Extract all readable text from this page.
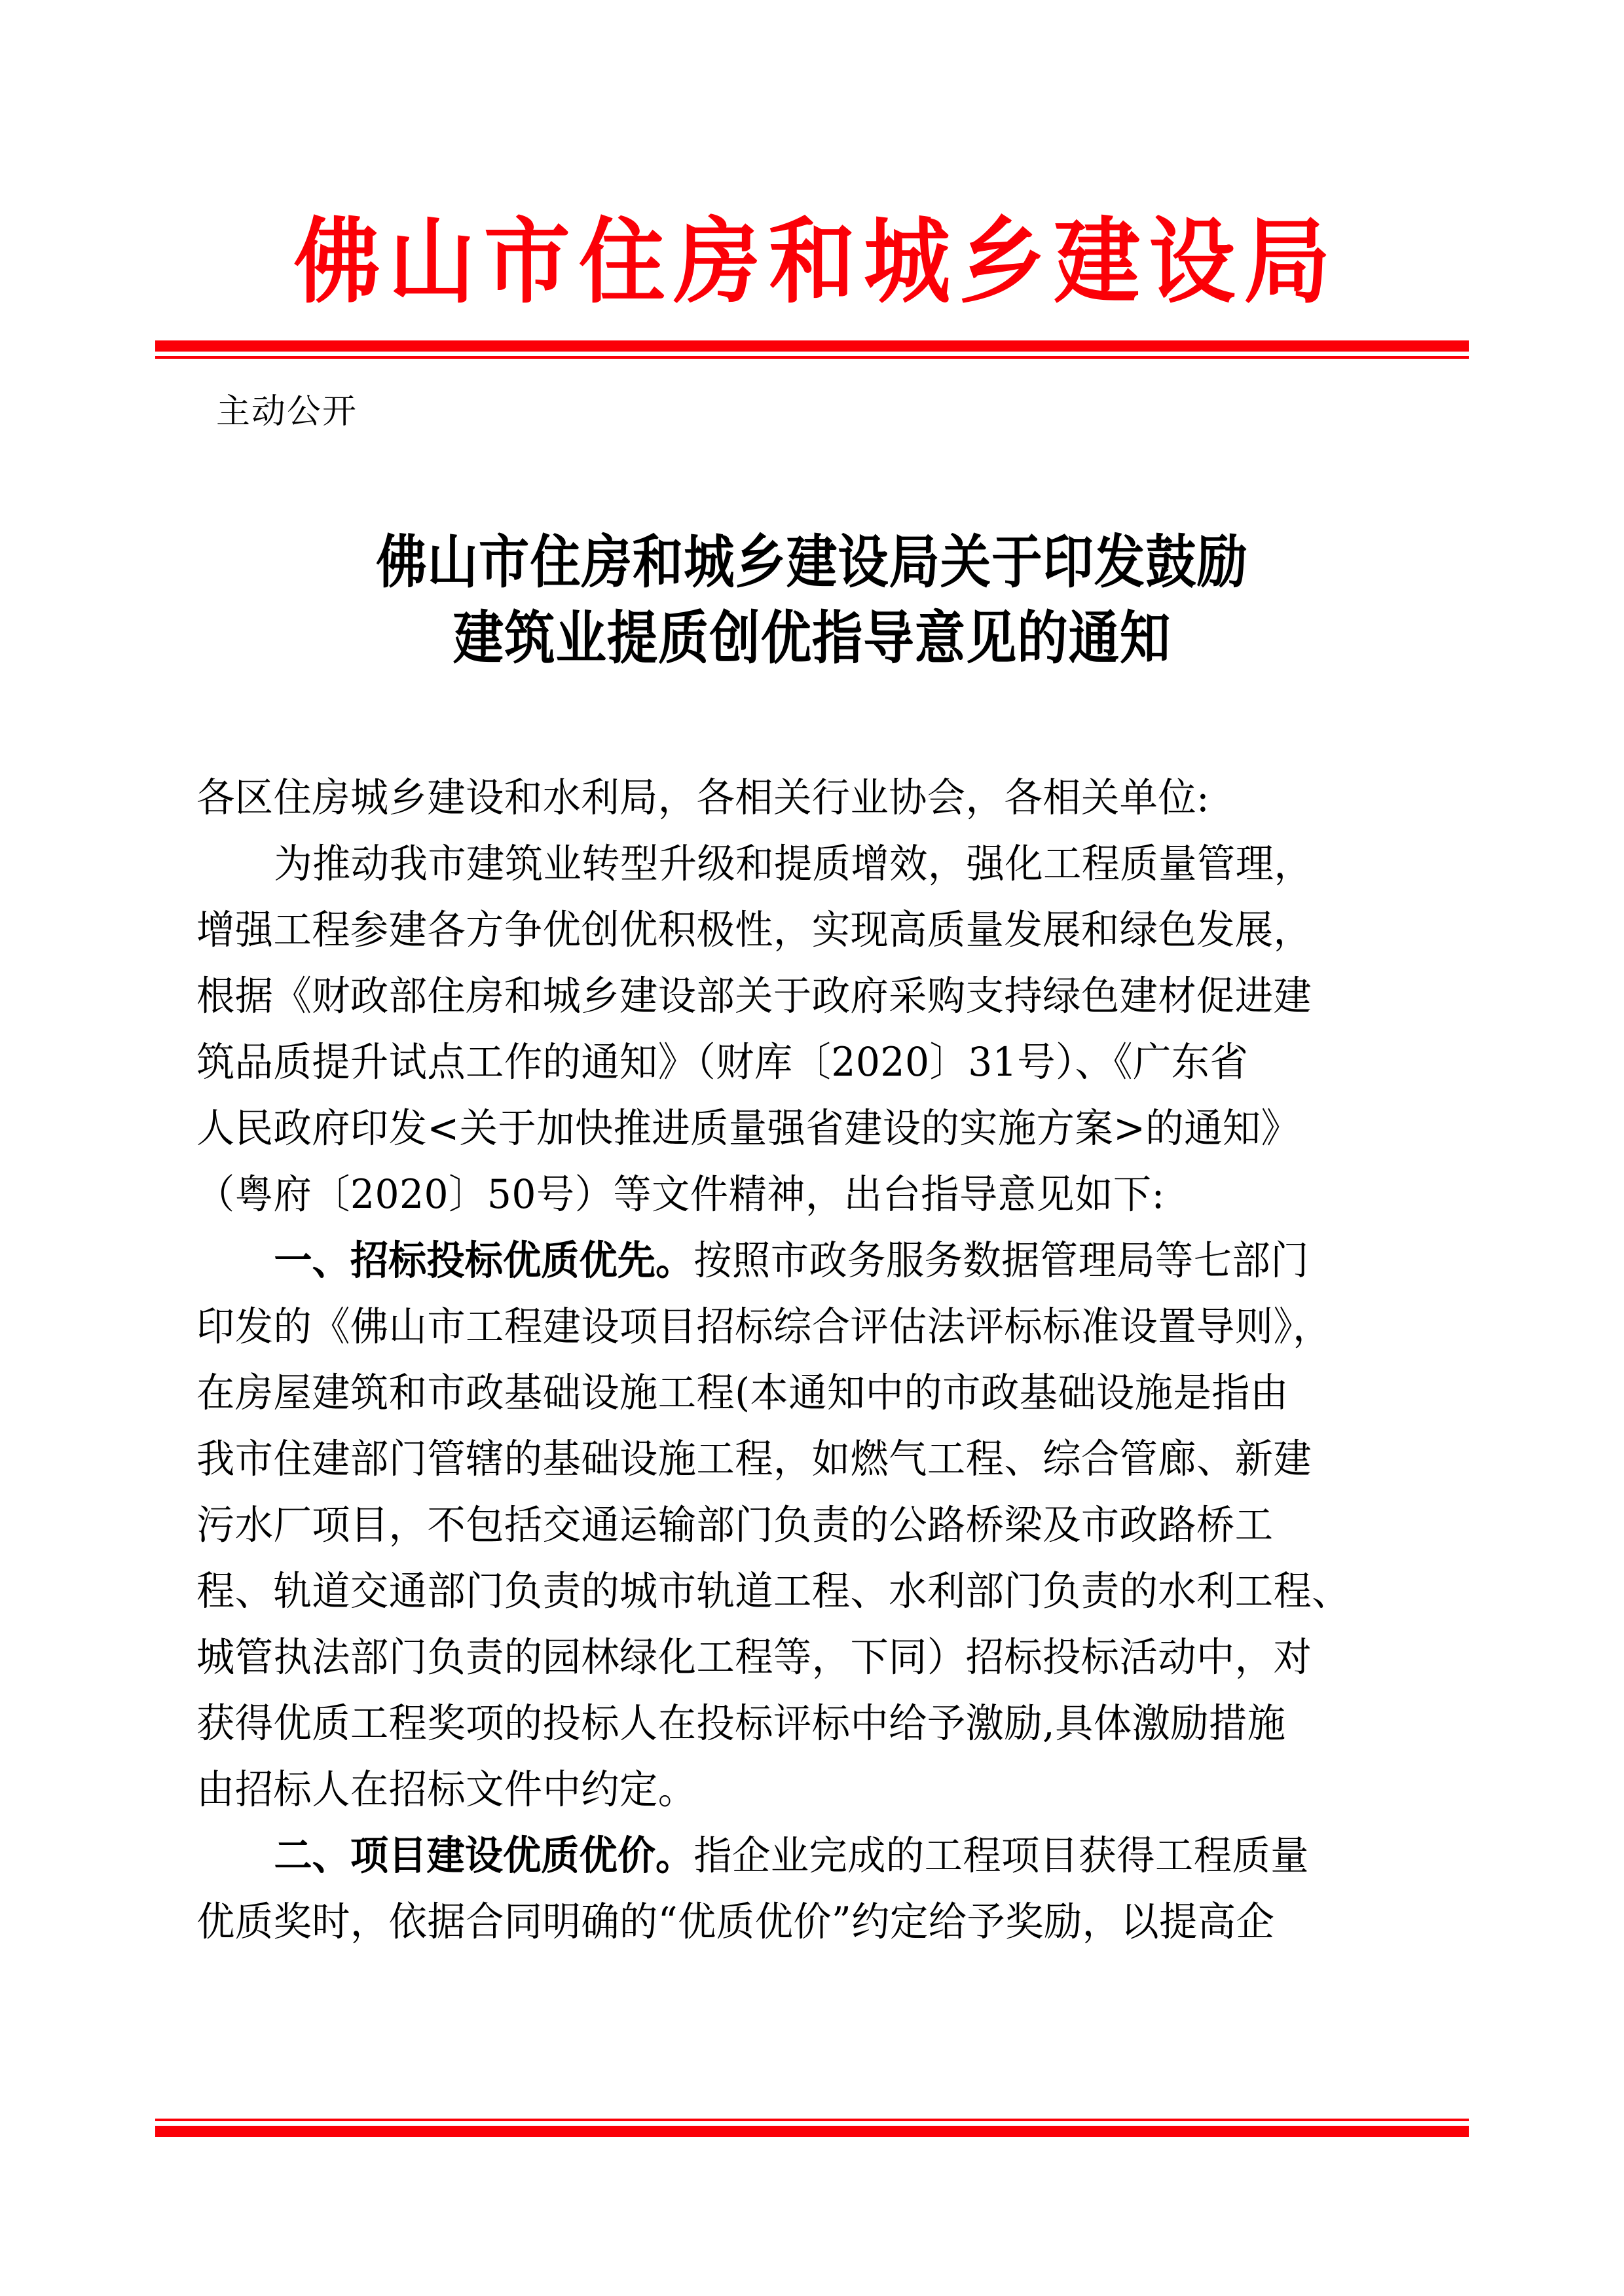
佛山市住房和城乡建设局
主动公开
佛山市住房和城乡建设局关于印发鼓励
建筑业提质创优指导意见的通知
各区住房城乡建设和水利局，各相关行业协会，各相关单位:
为推动我市建筑业转型升级和提质增效，强化工程质量管理，
增强工程参建各方争优创优积极性，实现高质量发展和绿色发展，
根据《财政部住房和城乡建设部关于政府采购支持绿色建材促进建
筑品质提升试点工作的通知》（财库〔2020〕31号）、《广东省
人民政府印发<关于加快推进质量强省建设的实施方案>的通知》
（粤府〔2020〕50号）等文件精神，出台指导意见如下:
一、招标投标优质优先。按照市政务服务数据管理局等七部门
印发的《佛山市工程建设项目招标综合评估法评标标准设置导则》，
在房屋建筑和市政基础设施工程(本通知中的市政基础设施是指由
我市住建部门管辖的基础设施工程，如燃气工程、综合管廊、新建
污水厂项目，不包括交通运输部门负责的公路桥梁及市政路桥工
程、轨道交通部门负责的城市轨道工程、水利部门负责的水利工程、
城管执法部门负责的园林绿化工程等，下同）招标投标活动中，对
获得优质工程奖项的投标人在投标评标中给予激励,具体激励措施
由招标人在招标文件中约定。
二、项目建设优质优价。指企业完成的工程项目获得工程质量
优质奖时，依据合同明确的“优质优价”约定给予奖励，以提高企
